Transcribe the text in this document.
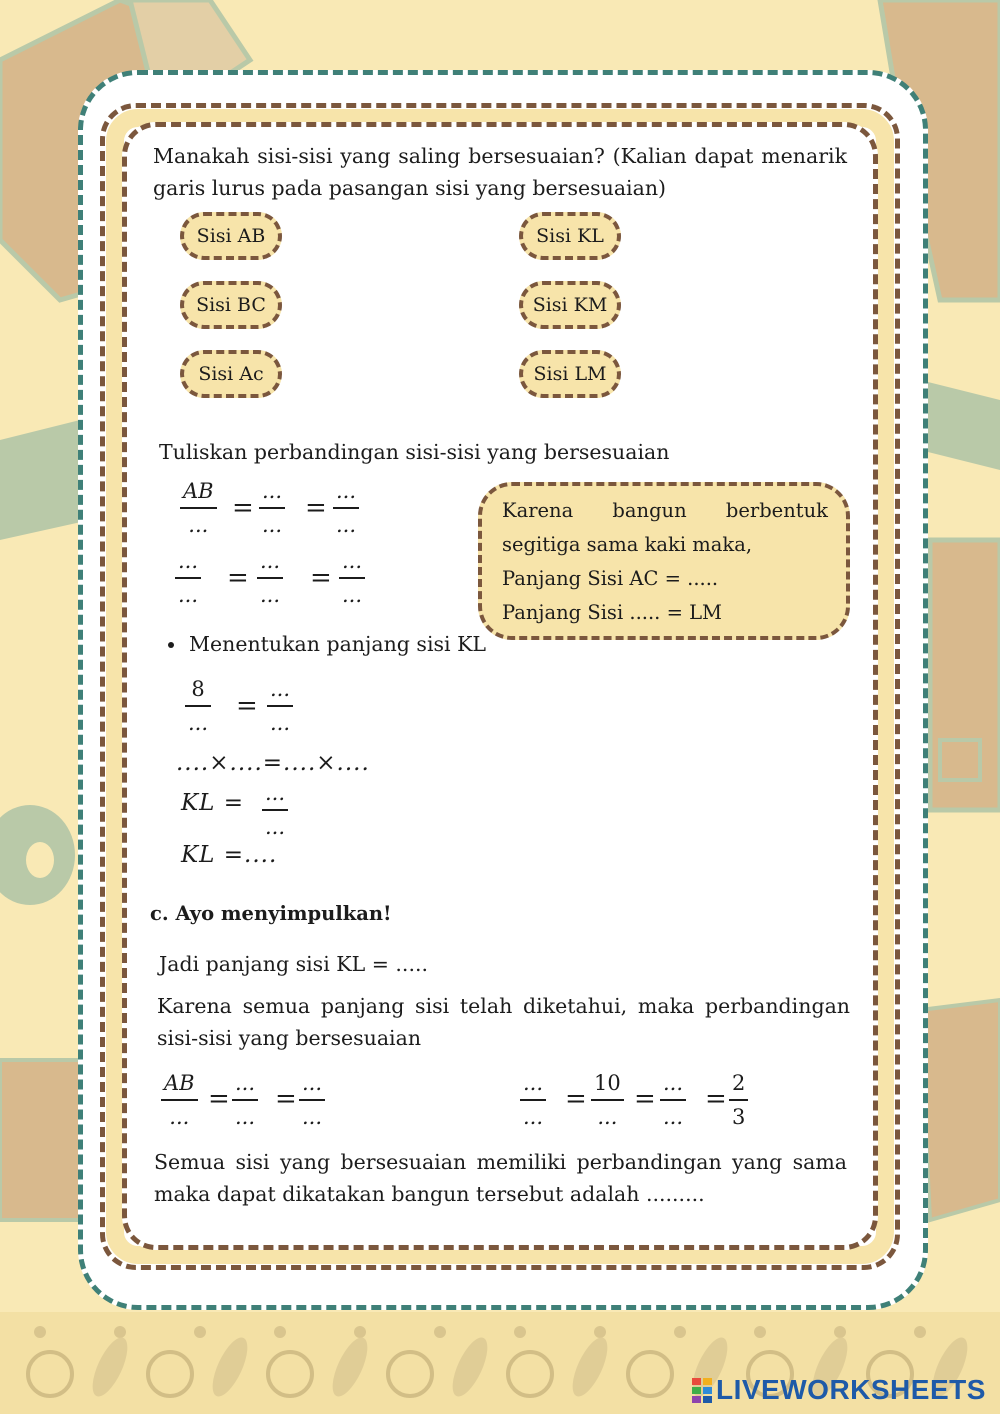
Manakah sisi-sisi yang saling bersesuaian? (Kalian dapat menarik garis lurus pada pasangan sisi yang bersesuaian)
Sisi AB
Sisi BC
Sisi Ac
Sisi KL
Sisi KM
Sisi LM
Tuliskan perbandingan sisi-sisi yang bersesuaian
AB
...
=
...
...
=
...
...
...
...
=
...
...
=
...
...
Karena bangun berbentuk
segitiga sama kaki maka,
Panjang Sisi AC = .....
Panjang Sisi ..... = LM
Menentukan panjang sisi KL
8
...
=
...
...
....×....=....×....
KL = ...
...
KL =....
c. Ayo menyimpulkan!
Jadi panjang sisi KL = .....
Karena semua panjang sisi telah diketahui, maka perbandingan sisi-sisi yang bersesuaian
AB
...
=
...
...
=
...
...
...
...
=
10
...
=
...
...
=
2
3
Semua sisi yang bersesuaian memiliki perbandingan yang sama maka dapat dikatakan bangun tersebut adalah .........
LIVEWORKSHEETS
